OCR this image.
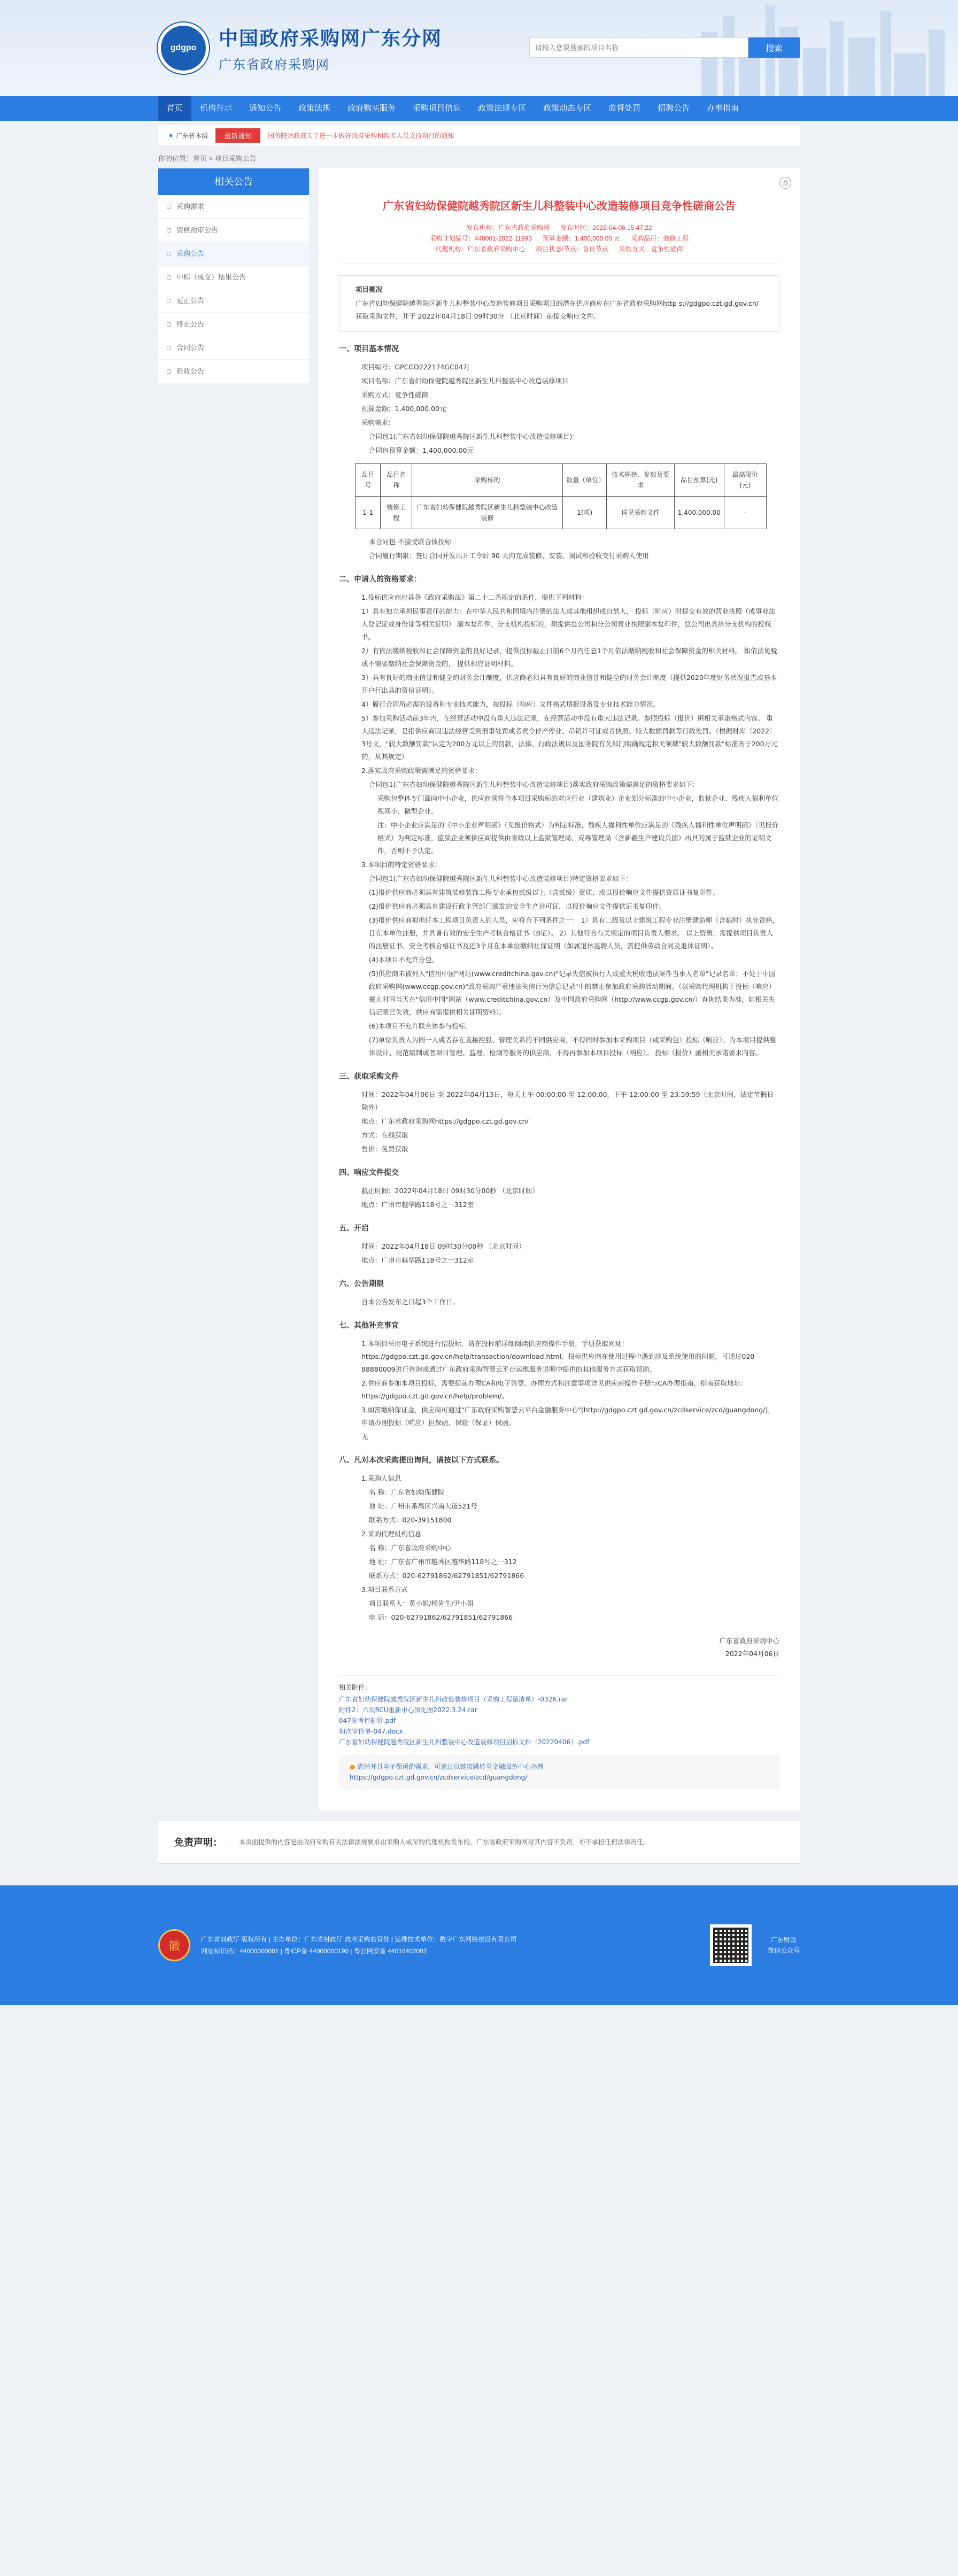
gdgpo	中国政府采购网广东分网
广东省政府采购网
请输入您要搜索的项目名称
搜索
首页	机构告示	通知公告	政策法规	政府购买服务	采购项目信息	政策法规专区	政策动态专区	监督处罚	招聘公告	办事指南
● 广东省本级	最新通知	国务院财政部关于进一步做好政府采购和购买人员支持项目的通知
你的位置：首页 > 项目采购公告
相关公告
采购需求
资格预审公告
采购公告
中标（成交）结果公告
更正公告
终止公告
合同公告
验收公告
⎙
广东省妇幼保健院越秀院区新生儿科整装中心改造装修项目竞争性磋商公告
发布机构：广东省政府采购网 发布时间：2022-04-06 15:47:22
采购计划编号：440001-2022-11993 预算金额：1,400,000.00 元 采购品目：装修工程
代理机构：广东省政府采购中心 项目状态/节点：首页节点 采购方式：竞争性磋商
项目概况
广东省妇幼保健院越秀院区新生儿科整装中心改造装修项目采购项目的潜在供应商应在广东省政府采购网http s://gdgpo.czt.gd.gov.cn/获取采购文件，并于 2022年04月18日 09时30分 （北京时间）前提交响应文件。
一、项目基本情况
项目编号：GPCGD222174GC047J
项目名称：广东省妇幼保健院越秀院区新生儿科整装中心改造装修项目
采购方式：竞争性磋商
预算金额：1,400,000.00元
采购需求：
合同包1(广东省妇幼保健院越秀院区新生儿科整装中心改造装修项目)：
合同包预算金额：1,400,000.00元
品目号	品目名称	采购标的	数量（单位）	技术规格、参数及要求	品目预算(元)	最高限价(元)
1-1	装修工程	广东省妇幼保健院越秀院区新生儿科整装中心改造装修	1(项)	详见采购文件	1,400,000.00	-
本合同包 不接受联合体投标
合同履行期限：签订合同并发出开工令后 90 天内完成装修、安装、调试和验收交付采购人使用
二、申请人的资格要求：
1.投标供应商应具备《政府采购法》第二十二条规定的条件，提供下列材料：
1）具有独立承担民事责任的能力：在中华人民共和国境内注册的法人或其他组织或自然人， 投标（响应）时提交有效的营业执照（或事业法人登记证或身份证等相关证明） 副本复印件。分支机构投标的，须提供总公司和分公司营业执照副本复印件，总公司出具给分支机构的授权书。
2）有依法缴纳税收和社会保障资金的良好记录，提供投标截止日前6个月内任意1个月依法缴纳税收和社会保障资金的相关材料。 如依法免税或不需要缴纳社会保障资金的， 提供相应证明材料。
3）具有良好的商业信誉和健全的财务会计制度，供应商必须具有良好的商业信誉和健全的财务会计制度（提供2020年度财务状况报告或基本开户行出具的资信证明）。
4）履行合同所必需的设备和专业技术能力，按投标（响应）文件格式填报设备及专业技术能力情况。
5）参加采购活动前3年内，在经营活动中没有重大违法记录，在经营活动中没有重大违法记录。参照投标（报价）函相关承诺格式内容。 重大违法记录，是指供应商因违法经营受到刑事处罚或者责令停产停业、吊销许可证或者执照、较大数额罚款等行政处罚。（根据财库〔2022〕3号文，"较大数额罚款"认定为200万元以上的罚款，法律、行政法规以及国务院有关部门明确规定相关领域"较大数额罚款"标准高于200万元的，从其规定）
2.落实政府采购政策需满足的资格要求：
合同包1(广东省妇幼保健院越秀院区新生儿科整装中心改造装修项目)落实政府采购政策需满足的资格要求如下:
采购包整体专门面向中小企业，供应商须符合本项目采购标的对应行业（建筑业）企业划分标准的中小企业，监狱企业、残疾人福利单位视同小、微型企业。
注：中小企业应满足的《中小企业声明函》（见报价格式）为判定标准，残疾人福利性单位应满足的《残疾人福利性单位声明函》（见报价格式）为判定标准，监狱企业须供应商提供由省级以上监狱管理局、戒毒管理局（含新疆生产建设兵团）出具的属于监狱企业的证明文件，否则不予认定。
3.本项目的特定资格要求：
合同包1(广东省妇幼保健院越秀院区新生儿科整装中心改造装修项目)特定资格要求如下：
(1)报价供应商必须具有建筑装修装饰工程专业承包贰级以上（含贰级）资质，或以报价响应文件提供资质证书复印件。
(2)报价供应商必须具有建设行政主管部门颁发的安全生产许可证，以报价响应文件提供证书复印件。
(3)报价供应商拟担任本工程项目负责人的人员，应符合下列条件之一： 1）具有二级及以上建筑工程专业注册建造师（含临时）执业资格，且在本单位注册，并具备有效的安全生产考核合格证书（B证）。 2）其他符合有关规定的项目负责人要求。 以上资质，需提供项目负责人的注册证书、安全考核合格证书及近3个月在本单位缴纳社保证明（如属退休返聘人员，需提供劳动合同及退休证明）。
(4)本项目不允许分包。
(5)供应商未被列入"信用中国"网站(www.creditchina.gov.cn)"记录失信被执行人或重大税收违法案件当事人名单"记录名单；不处于中国政府采购网(www.ccgp.gov.cn)"政府采购严重违法失信行为信息记录"中的禁止参加政府采购活动期间。（以采购代理机构于投标（响应）截止时间当天在"信用中国"网站（www.creditchina.gov.cn）及中国政府采购网（http://www.ccgp.gov.cn/）查询结果为准，如相关失信记录已失效，供应商需提供相关证明资料）。
(6)本项目不允许联合体参与投标。
(7)单位负责人为同一人或者存在直接控股、管理关系的不同供应商，不得同时参加本采购项目（或采购包）投标（响应）。为本项目提供整体设计、规范编制或者项目管理、监理、检测等服务的供应商，不得再参加本项目投标（响应）。 投标（报价）函相关承诺要求内容。
三、获取采购文件
时间：2022年04月06日 至 2022年04月13日，每天上午 00:00:00 至 12:00:00，下午 12:00:00 至 23:59:59（北京时间，法定节假日除外）
地点：广东省政府采购网https://gdgpo.czt.gd.gov.cn/
方式：在线获取
售价：免费获取
四、响应文件提交
截止时间：2022年04月18日 09时30分00秒 （北京时间）
地点：广州市越华路118号之一312室
五、开启
时间：2022年04月18日 09时30分00秒 （北京时间）
地点：广州市越华路118号之一312室
六、公告期限
自本公告发布之日起3个工作日。
七、其他补充事宜
1.本项目采用电子系统进行招投标，请在投标前详细阅读供应商操作手册，手册获取网址：https://gdgpo.czt.gd.gov.cn/help/transaction/download.html。投标供应商在使用过程中遇到涉及系统使用的问题，可通过020-88880009进行咨询或通过广东政府采购智慧云平台运维服务说明中提供的其他服务方式获取帮助。
2.供应商参加本项目投标，需要提前办理CA和电子签章，办理方式和注意事项详见供应商操作手册与CA办理指南，指南获取地址：https://gdgpo.czt.gd.gov.cn/help/problem/。
3.如需缴纳保证金，供应商可通过"广东政府采购智慧云平台金融服务中心"(http://gdgpo.czt.gd.gov.cn/zcdservice/zcd/guangdong/)，申请办理投标（响应）担保函、保险（保证）保函。
无
八、凡对本次采购提出询问，请按以下方式联系。
1.采购人信息
名 称：广东省妇幼保健院
地 址：广州市番禺区兴南大道521号
联系方式：020-39151800
2.采购代理机构信息
名 称：广东省政府采购中心
地 址：广东省广州市越秀区越华路118号之一312
联系方式：020-62791862/62791851/62791866
3.项目联系方式
项目联系人：黄小姐/杨先生/尹小姐
电 话：020-62791862/62791851/62791866
广东省政府采购中心
2022年04月06日
相关附件：
广东省妇幼保健院越秀院区新生儿科改造装修项目（采购工程量清单）-0326.rar
附件2：六项RCU重新中心深化图2022.3.24.rar
047参考控制价.pdf
初次审价单-047.docx
广东省妇幼保健院越秀院区新生儿科整装中心改造装修项目招标文件（20220406）.pdf
● 您尚开具电子保函的需求，可通过以链接跳转至金融服务中心办理
https://gdgpo.czt.gd.gov.cn/zcdservice/zcd/guangdong/
免责声明：	本页面提供的内容是由政府采购有关法律法规要求由采购人或采购代理机构发布的，广东省政府采购网对其内容不负责，亦不承担任何法律责任。
徽	广东省财政厅 版权所有 | 主办单位：广东省财政厅 政府采购监管处 | 运维技术单位：数字广东网络建设有限公司
网站标识码：44000000001 | 粤ICP备 44000000190 | 粤公网安备 44010402002
广东财政
微信公众号
